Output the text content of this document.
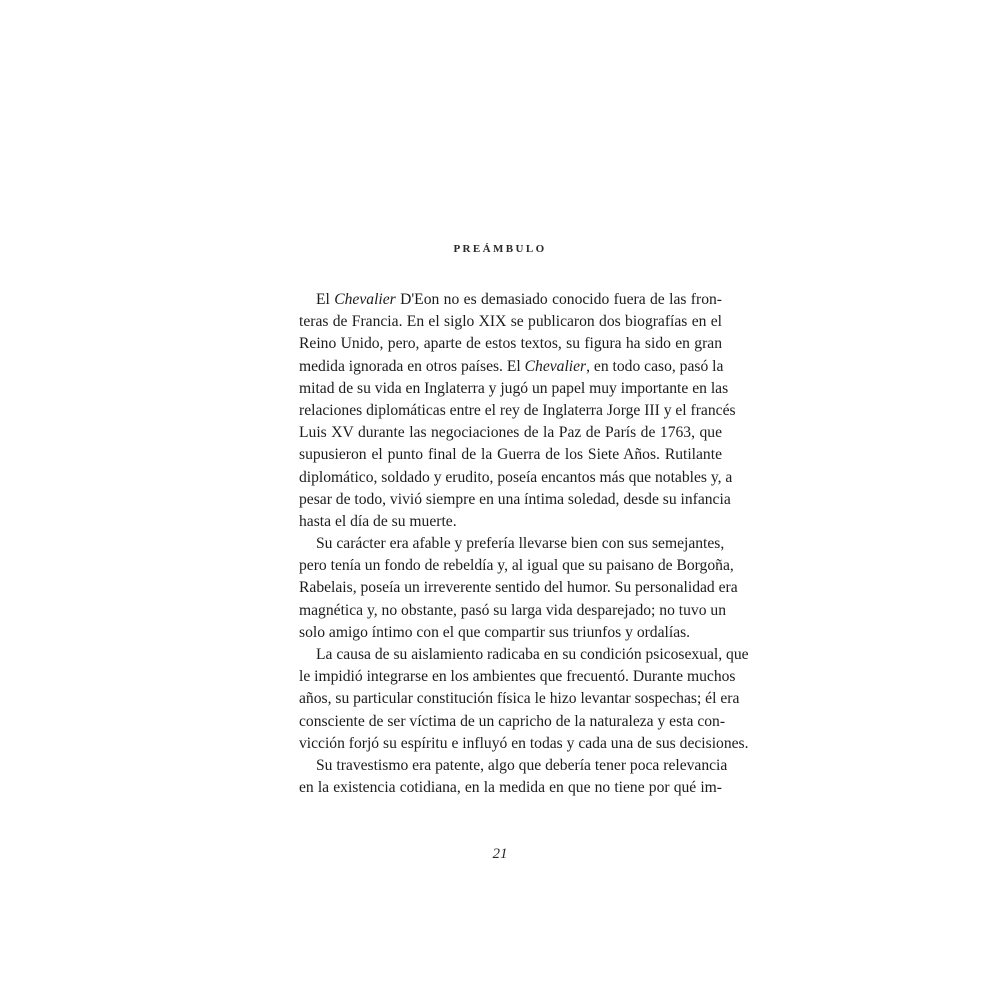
PREÁMBULO
El Chevalier D'Eon no es demasiado conocido fuera de las fron-
teras de Francia. En el siglo XIX se publicaron dos biografías en el
Reino Unido, pero, aparte de estos textos, su figura ha sido en gran
medida ignorada en otros países. El Chevalier, en todo caso, pasó la
mitad de su vida en Inglaterra y jugó un papel muy importante en las
relaciones diplomáticas entre el rey de Inglaterra Jorge III y el francés
Luis XV durante las negociaciones de la Paz de París de 1763, que
supusieron el punto final de la Guerra de los Siete Años. Rutilante
diplomático, soldado y erudito, poseía encantos más que notables y, a
pesar de todo, vivió siempre en una íntima soledad, desde su infancia
hasta el día de su muerte.
Su carácter era afable y prefería llevarse bien con sus semejantes,
pero tenía un fondo de rebeldía y, al igual que su paisano de Borgoña,
Rabelais, poseía un irreverente sentido del humor. Su personalidad era
magnética y, no obstante, pasó su larga vida desparejado; no tuvo un
solo amigo íntimo con el que compartir sus triunfos y ordalías.
La causa de su aislamiento radicaba en su condición psicosexual, que
le impidió integrarse en los ambientes que frecuentó. Durante muchos
años, su particular constitución física le hizo levantar sospechas; él era
consciente de ser víctima de un capricho de la naturaleza y esta con-
vicción forjó su espíritu e influyó en todas y cada una de sus decisiones.
Su travestismo era patente, algo que debería tener poca relevancia
en la existencia cotidiana, en la medida en que no tiene por qué im-
21
